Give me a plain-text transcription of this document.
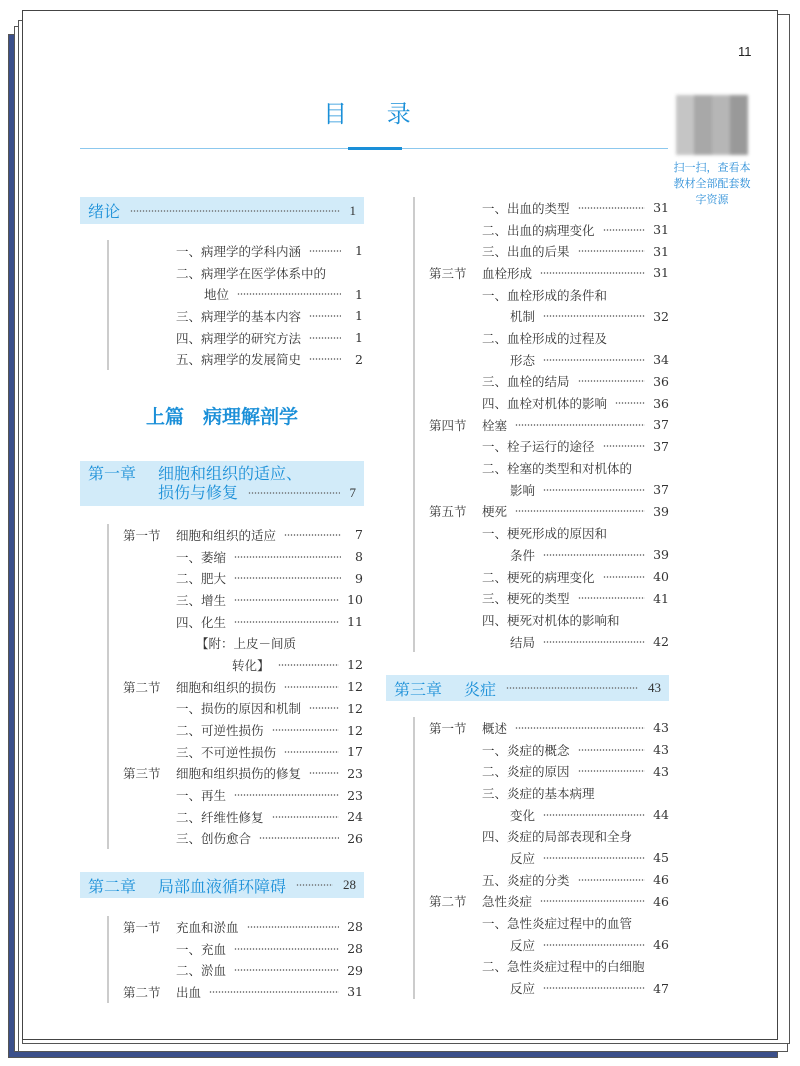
11
目 录
扫一扫，查看本教材全部配套数字资源
绪论	1
一、病理学的学科内涵	1
二、病理学在医学体系中的
地位	1
三、病理学的基本内容	1
四、病理学的研究方法	1
五、病理学的发展简史	2
上篇　病理解剖学
第一章	细胞和组织的适应、
损伤与修复	7
第一节 细胞和组织的适应	7
一、萎缩	8
二、肥大	9
三、增生	10
四、化生	11
【附：上皮－间质
转化】	12
第二节 细胞和组织的损伤	12
一、损伤的原因和机制	12
二、可逆性损伤	12
三、不可逆性损伤	17
第三节 细胞和组织损伤的修复	23
一、再生	23
二、纤维性修复	24
三、创伤愈合	26
第二章	局部血液循环障碍	28
第一节 充血和淤血	28
一、充血	28
二、淤血	29
第二节 出血	31
一、出血的类型	31
二、出血的病理变化	31
三、出血的后果	31
第三节 血栓形成	31
一、血栓形成的条件和
机制	32
二、血栓形成的过程及
形态	34
三、血栓的结局	36
四、血栓对机体的影响	36
第四节 栓塞	37
一、栓子运行的途径	37
二、栓塞的类型和对机体的
影响	37
第五节 梗死	39
一、梗死形成的原因和
条件	39
二、梗死的病理变化	40
三、梗死的类型	41
四、梗死对机体的影响和
结局	42
第三章	炎症	43
第一节 概述	43
一、炎症的概念	43
二、炎症的原因	43
三、炎症的基本病理
变化	44
四、炎症的局部表现和全身
反应	45
五、炎症的分类	46
第二节 急性炎症	46
一、急性炎症过程中的血管
反应	46
二、急性炎症过程中的白细胞
反应	47
